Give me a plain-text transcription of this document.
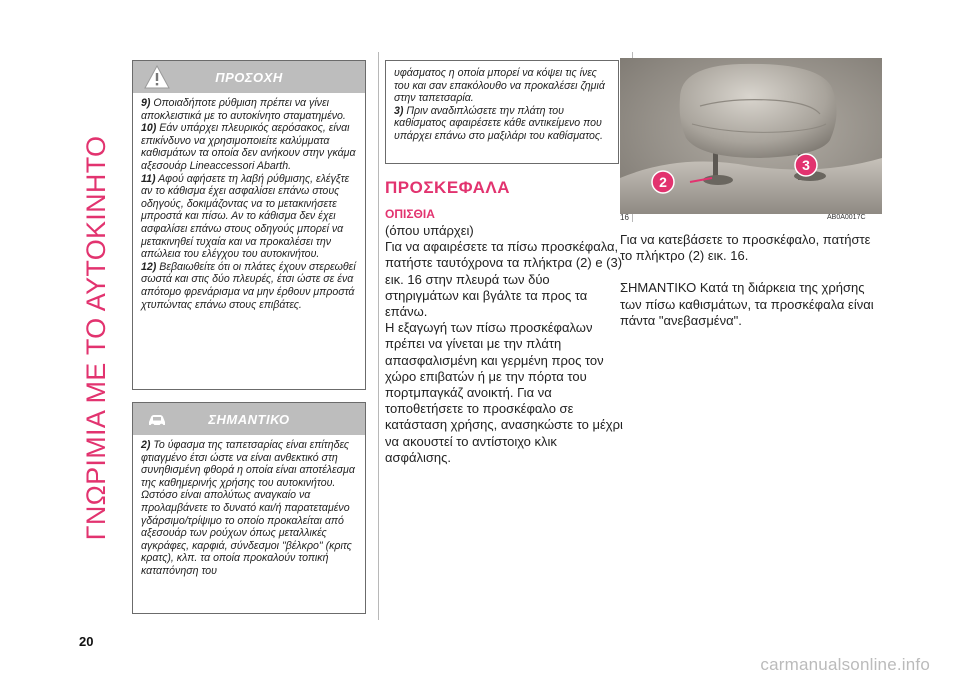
ΓΝΩΡΙΜΙΑ ΜΕ ΤΟ ΑΥΤΟΚΙΝΗΤΟ
ΠΡΟΣΟΧΗ

9) Οποιαδήποτε ρύθμιση πρέπει να γίνει αποκλειστικά με το αυτοκίνητο σταματημένο.

10) Εάν υπάρχει πλευρικός αερόσακος, είναι επικίνδυνο να χρησιμοποιείτε καλύμματα καθισμάτων τα οποία δεν ανήκουν στην γκάμα αξεσουάρ Lineaccessori Abarth.

11) Αφού αφήσετε τη λαβή ρύθμισης, ελέγξτε αν το κάθισμα έχει ασφαλίσει επάνω στους οδηγούς, δοκιμάζοντας να το μετακινήσετε μπροστά και πίσω. Αν το κάθισμα δεν έχει ασφαλίσει επάνω στους οδηγούς μπορεί να μετακινηθεί τυχαία και να προκαλέσει την απώλεια του ελέγχου του αυτοκινήτου.

12) Βεβαιωθείτε ότι οι πλάτες έχουν στερεωθεί σωστά και στις δύο πλευρές, έτσι ώστε σε ένα απότομο φρενάρισμα να μην έρθουν μπροστά χτυπώντας επάνω στους επιβάτες.

ΣΗΜΑΝΤΙΚΟ

2) Το ύφασμα της ταπετσαρίας είναι επίτηδες φτιαγμένο έτσι ώστε να είναι ανθεκτικό στη συνηθισμένη φθορά η οποία είναι αποτέλεσμα της καθημερινής χρήσης του αυτοκινήτου. Ωστόσο είναι απολύτως αναγκαίο να προλαμβάνετε το δυνατό και/ή παρατεταμένο γδάρσιμο/τρίψιμο το οποίο προκαλείται από αξεσουάρ των ρούχων όπως μεταλλικές αγκράφες, καρφιά, σύνδεσμοι "βέλκρο" (κριτς κρατς), κλπ. τα οποία προκαλούν τοπική καταπόνηση του

υφάσματος η οποία μπορεί να κόψει τις ίνες του και σαν επακόλουθο να προκαλέσει ζημιά στην ταπετσαρία.

3) Πριν αναδιπλώσετε την πλάτη του καθίσματος αφαιρέσετε κάθε αντικείμενο που υπάρχει επάνω στο μαξιλάρι του καθίσματος.

ΠΡΟΣΚΕΦΑΛΑ
ΟΠΙΣΘΙΑ

(όπου υπάρχει)

Για να αφαιρέσετε τα πίσω προσκέφαλα, πατήστε ταυτόχρονα τα πλήκτρα (2) e (3) εικ. 16 στην πλευρά των δύο στηριγμάτων και βγάλτε τα προς τα επάνω.

Η εξαγωγή των πίσω προσκέφαλων πρέπει να γίνεται με την πλάτη απασφαλισμένη και γερμένη προς τον χώρο επιβατών ή με την πόρτα του πορτμπαγκάζ ανοικτή. Για να τοποθετήσετε το προσκέφαλο σε κατάσταση χρήσης, ανασηκώστε το μέχρι να ακουστεί το αντίστοιχο κλικ ασφάλισης.

2
3
16	AB0A0017C

Για να κατεβάσετε το προσκέφαλο, πατήστε το πλήκτρο (2) εικ. 16.

ΣΗΜΑΝΤΙΚΟ Κατά τη διάρκεια της χρήσης των πίσω καθισμάτων, τα προσκέφαλα είναι πάντα "ανεβασμένα".

20
carmanualsonline.info
